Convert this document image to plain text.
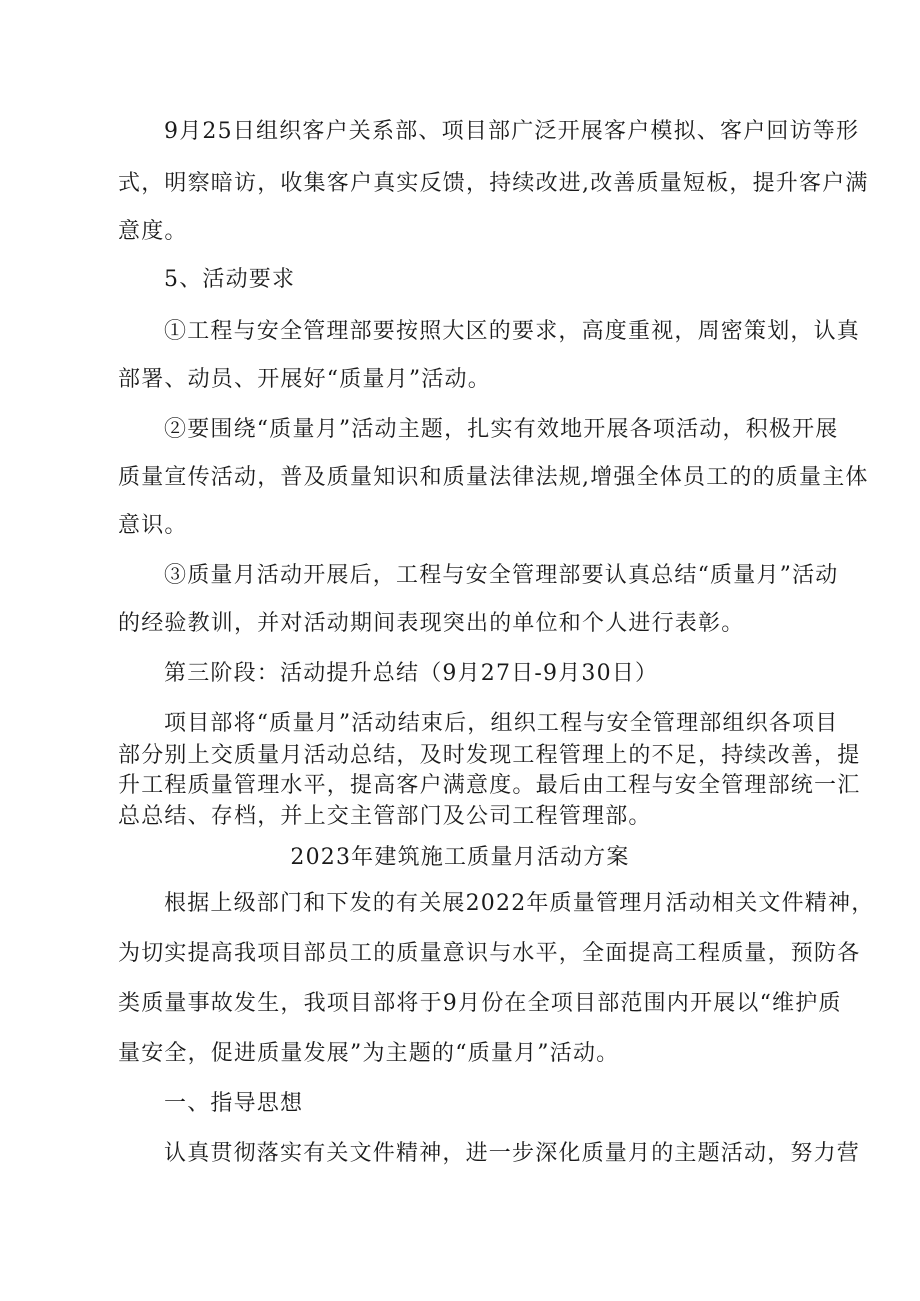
9月25日组织客户关系部、项目部广泛开展客户模拟、客户回访等形
式，明察暗访，收集客户真实反馈，持续改进,改善质量短板，提升客户满
意度。
5、活动要求
①工程与安全管理部要按照大区的要求，高度重视，周密策划，认真
部署、动员、开展好“质量月”活动。
②要围绕“质量月”活动主题，扎实有效地开展各项活动，积极开展
质量宣传活动，普及质量知识和质量法律法规,增强全体员工的的质量主体
意识。
③质量月活动开展后，工程与安全管理部要认真总结“质量月”活动
的经验教训，并对活动期间表现突出的单位和个人进行表彰。
第三阶段：活动提升总结（9月27日-9月30日）
项目部将“质量月”活动结束后，组织工程与安全管理部组织各项目
部分别上交质量月活动总结，及时发现工程管理上的不足，持续改善，提
升工程质量管理水平，提高客户满意度。最后由工程与安全管理部统一汇
总总结、存档，并上交主管部门及公司工程管理部。
2023年建筑施工质量月活动方案
根据上级部门和下发的有关展2022年质量管理月活动相关文件精神，
为切实提高我项目部员工的质量意识与水平，全面提高工程质量，预防各
类质量事故发生，我项目部将于9月份在全项目部范围内开展以“维护质
量安全，促进质量发展”为主题的“质量月”活动。
一、指导思想
认真贯彻落实有关文件精神，进一步深化质量月的主题活动，努力营
